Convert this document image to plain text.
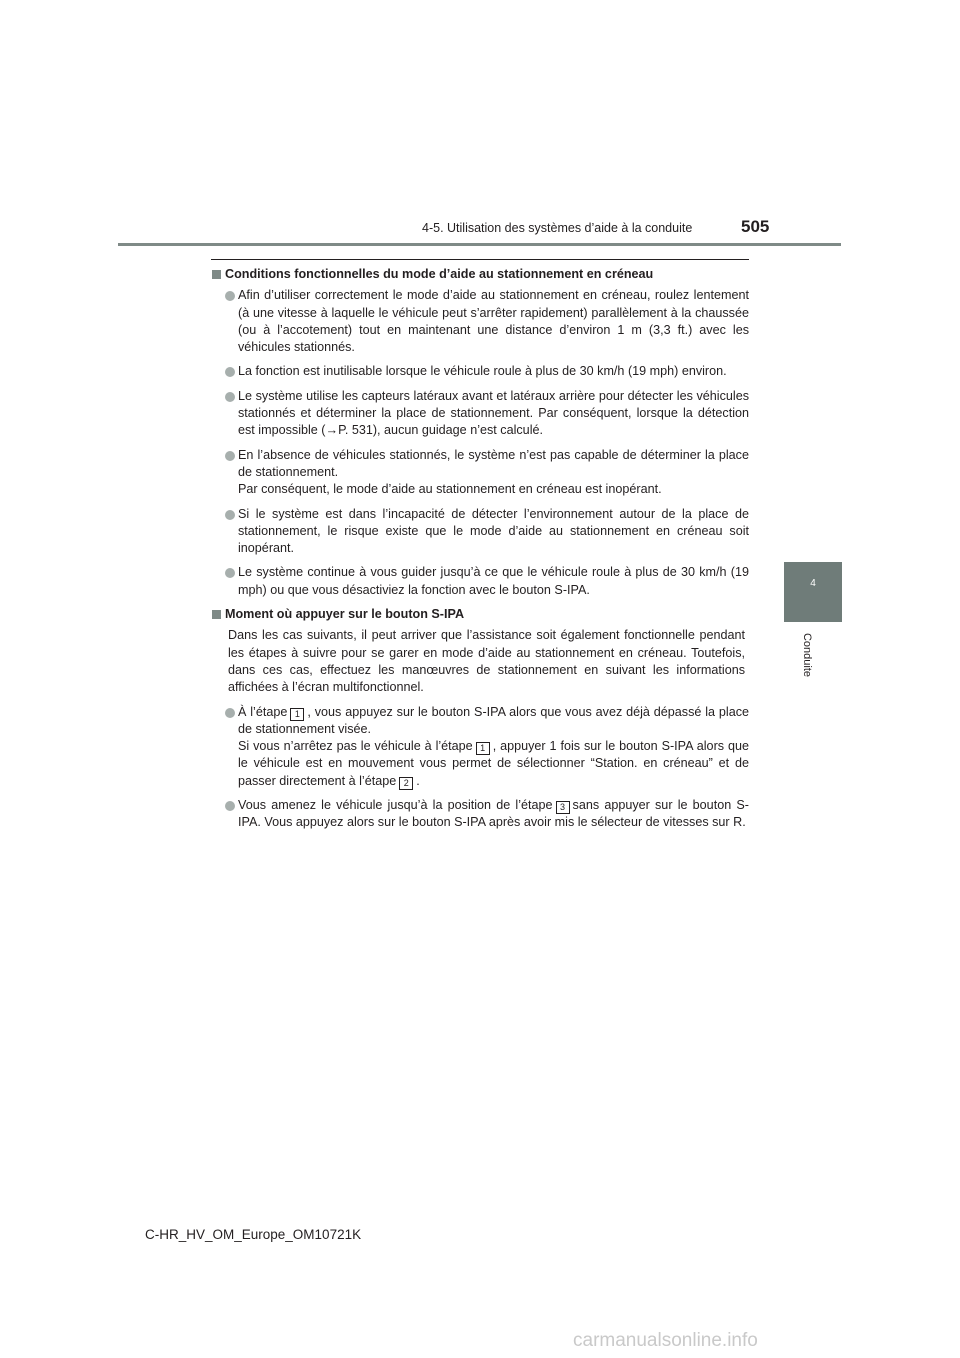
4-5. Utilisation des systèmes d’aide à la conduite	505
4
Conduite
Conditions fonctionnelles du mode d’aide au stationnement en créneau
Afin d’utiliser correctement le mode d’aide au stationnement en créneau, roulez lentement (à une vitesse à laquelle le véhicule peut s’arrêter rapidement) parallèlement à la chaussée (ou à l’accotement) tout en maintenant une distance d’environ 1 m (3,3 ft.) avec les véhicules stationnés.
La fonction est inutilisable lorsque le véhicule roule à plus de 30 km/h (19 mph) environ.
Le système utilise les capteurs latéraux avant et latéraux arrière pour détecter les véhicules stationnés et déterminer la place de stationnement. Par conséquent, lorsque la détection est impossible (→P. 531), aucun guidage n’est calculé.
En l’absence de véhicules stationnés, le système n’est pas capable de déterminer la place de stationnement.
Par conséquent, le mode d’aide au stationnement en créneau est inopérant.
Si le système est dans l’incapacité de détecter l’environnement autour de la place de stationnement, le risque existe que le mode d’aide au stationnement en créneau soit inopérant.
Le système continue à vous guider jusqu’à ce que le véhicule roule à plus de 30 km/h (19 mph) ou que vous désactiviez la fonction avec le bouton S-IPA.
Moment où appuyer sur le bouton S-IPA
Dans les cas suivants, il peut arriver que l’assistance soit également fonctionnelle pendant les étapes à suivre pour se garer en mode d’aide au stationnement en créneau. Toutefois, dans ces cas, effectuez les manœuvres de stationnement en suivant les informations affichées à l’écran multifonctionnel.
À l’étape 1 , vous appuyez sur le bouton S-IPA alors que vous avez déjà dépassé la place de stationnement visée.
Si vous n’arrêtez pas le véhicule à l’étape 1 , appuyer 1 fois sur le bouton S-IPA alors que le véhicule est en mouvement vous permet de sélectionner “Station. en créneau” et de passer directement à l’étape 2 .
Vous amenez le véhicule jusqu’à la position de l’étape 3 sans appuyer sur le bouton S-IPA. Vous appuyez alors sur le bouton S-IPA après avoir mis le sélecteur de vitesses sur R.
C-HR_HV_OM_Europe_OM10721K
carmanualsonline.info
